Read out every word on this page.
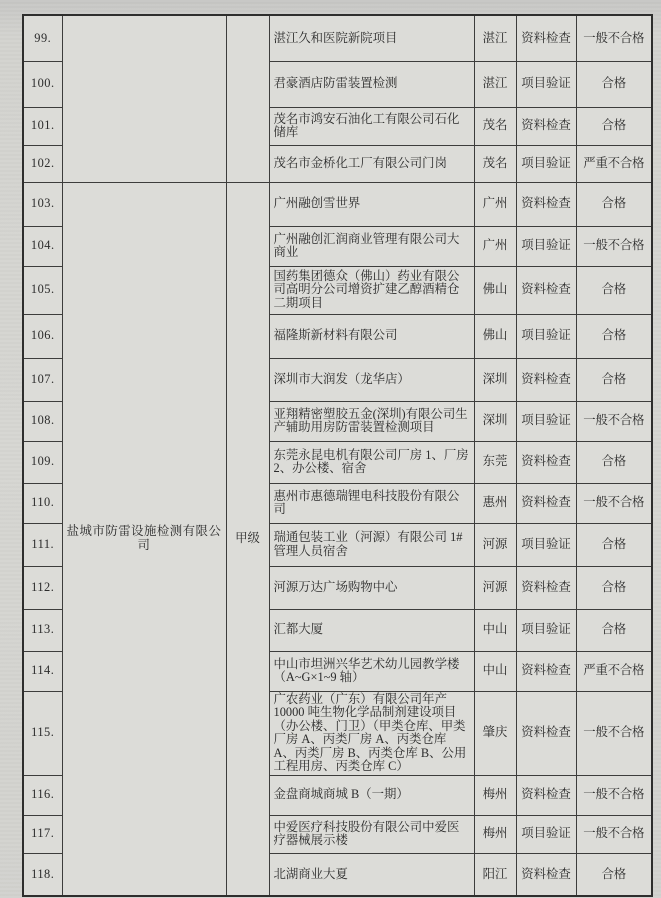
99.			湛江久和医院新院项目	湛江	资料检查	一般不合格
100.			君豪酒店防雷装置检测	湛江	项目验证	合格
101.			茂名市鸿安石油化工有限公司石化储库	茂名	资料检查	合格
102.			茂名市金桥化工厂有限公司门岗	茂名	项目验证	严重不合格
103.	盐城市防雷设施检测有限公司	甲级	广州融创雪世界	广州	资料检查	合格
104.			广州融创汇润商业管理有限公司大商业	广州	项目验证	一般不合格
105.			国药集团德众（佛山）药业有限公司高明分公司增资扩建乙醇酒精仓二期项目	佛山	资料检查	合格
106.			福隆斯新材料有限公司	佛山	项目验证	合格
107.			深圳市大润发（龙华店）	深圳	资料检查	合格
108.			亚翔精密塑胶五金(深圳)有限公司生产辅助用房防雷装置检测项目	深圳	项目验证	一般不合格
109.			东莞永昆电机有限公司厂房 1、厂房 2、办公楼、宿舍	东莞	资料检查	合格
110.			惠州市惠德瑞锂电科技股份有限公司	惠州	资料检查	一般不合格
111.			瑞通包装工业（河源）有限公司 1#管理人员宿舍	河源	项目验证	合格
112.			河源万达广场购物中心	河源	资料检查	合格
113.			汇都大厦	中山	项目验证	合格
114.			中山市坦洲兴华艺术幼儿园教学楼（A~G×1~9 轴）	中山	资料检查	严重不合格
115.			广农药业（广东）有限公司年产 10000 吨生物化学品制剂建设项目（办公楼、门卫）（甲类仓库、甲类厂房 A、丙类厂房 A、丙类仓库 A、丙类厂房 B、丙类仓库 B、公用工程用房、丙类仓库 C）	肇庆	资料检查	一般不合格
116.			金盘商城商城 B（一期）	梅州	资料检查	一般不合格
117.			中爱医疗科技股份有限公司中爱医疗器械展示楼	梅州	项目验证	一般不合格
118.			北湖商业大夏	阳江	资料检查	合格
